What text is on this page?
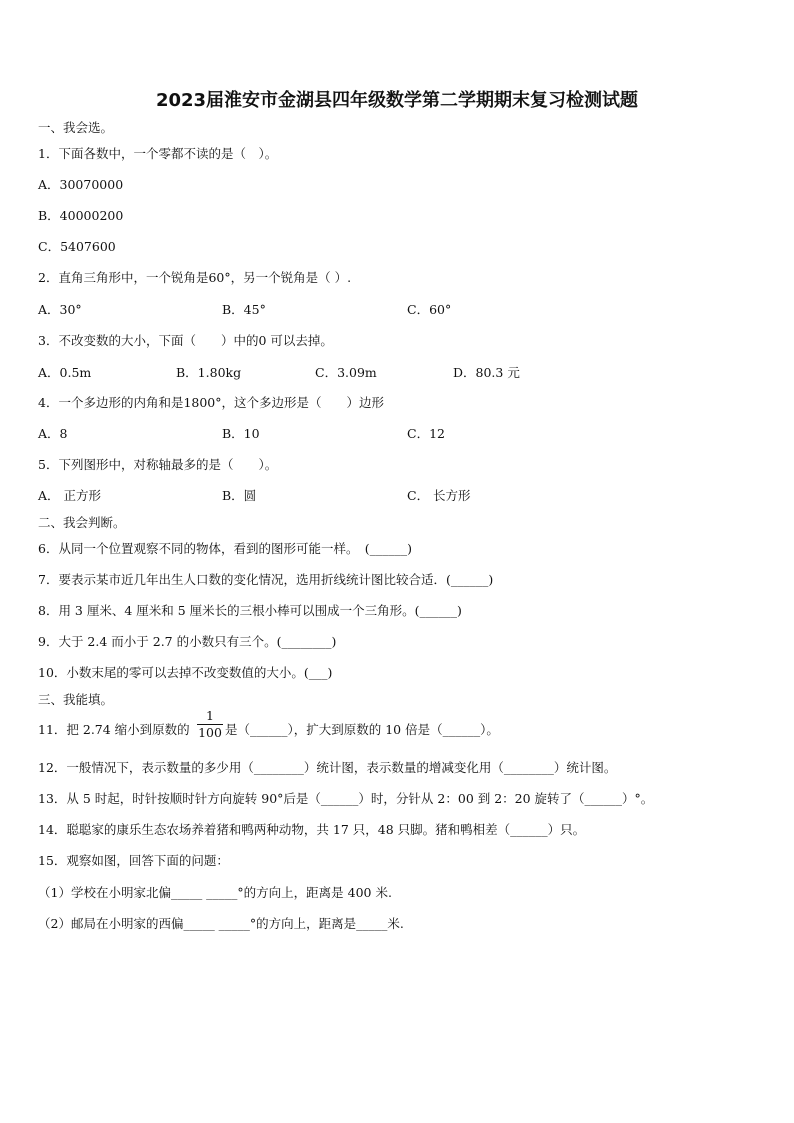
2023届淮安市金湖县四年级数学第二学期期末复习检测试题
一、我会选。
1．下面各数中，一个零都不读的是（　）。
A．30070000
B．40000200
C．5407600
2．直角三角形中，一个锐角是60°，另一个锐角是（ ）.
A．30°	B．45°	C．60°
3．不改变数的大小，下面（　　）中的0 可以去掉。
A．0.5m	B．1.80kg	C．3.09m	D．80.3 元
4．一个多边形的内角和是1800°，这个多边形是（　　）边形
A．8	B．10	C．12
5．下列图形中，对称轴最多的是（　　）。
A． 正方形	B．圆	C． 长方形
二、我会判断。
6．从同一个位置观察不同的物体，看到的图形可能一样。　(______)
7．要表示某市近几年出生人口数的变化情况，选用折线统计图比较合适．(______)
8．用 3 厘米、4 厘米和 5 厘米长的三根小棒可以围成一个三角形。(______)
9．大于 2.4 而小于 2.7 的小数只有三个。(________)
10．小数末尾的零可以去掉不改变数值的大小。(___)
三、我能填。
11．把 2.74 缩小到原数的
1
100 是（______），扩大到原数的 10 倍是（______）。
12．一般情况下，表示数量的多少用（________）统计图，表示数量的增减变化用（________）统计图。
13．从 5 时起，时针按顺时针方向旋转 90°后是（______）时，分针从 2：00 到 2：20 旋转了（______）°。
14．聪聪家的康乐生态农场养着猪和鸭两种动物，共 17 只，48 只脚。猪和鸭相差（______）只。
15．观察如图，回答下面的问题：
（1）学校在小明家北偏_____ _____°的方向上，距离是 400 米.
（2）邮局在小明家的西偏_____ _____°的方向上，距离是_____米.
